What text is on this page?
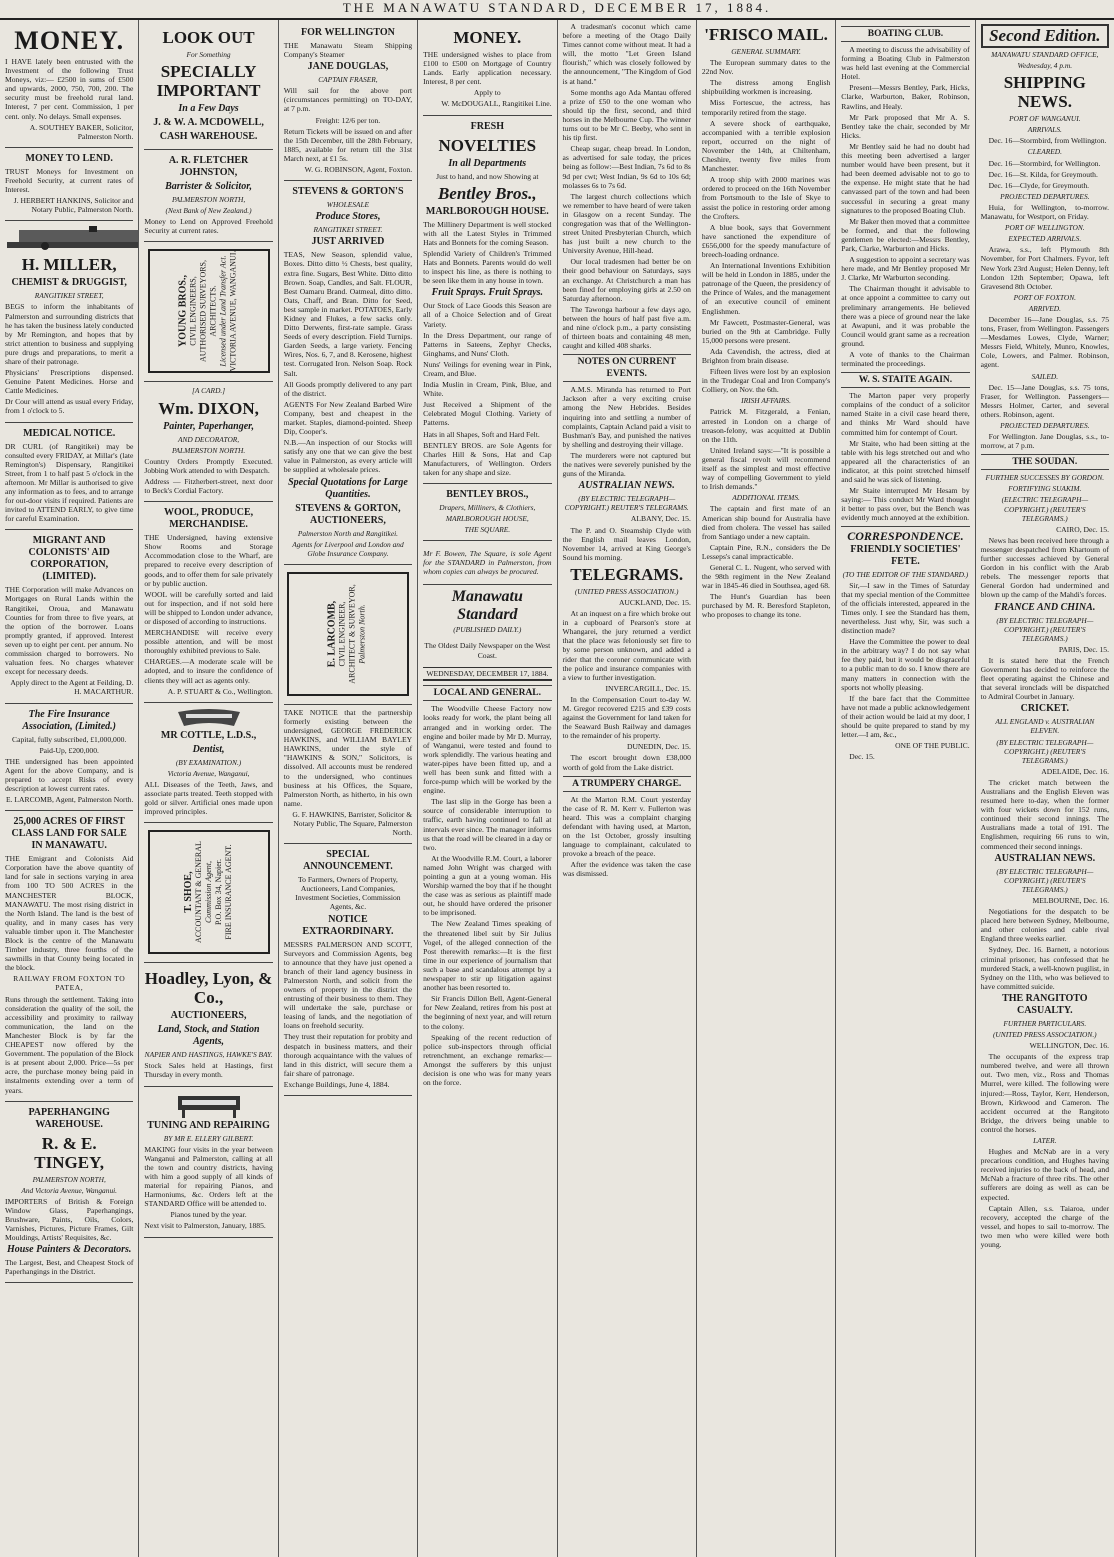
THE MANAWATU STANDARD, DECEMBER 17, 1884.
MONEY.

I HAVE lately been entrusted with the Investment of the following Trust Moneys, viz:— £2500 in sums of £500 and upwards, 2000, 750, 700, 200. The security must be freehold rural land. Interest, 7 per cent. Commission, 1 per cent. only. No delays. Small expenses.

A. SOUTHEY BAKER, Solicitor, Palmerston North.

MONEY TO LEND.

TRUST Moneys for Investment on Freehold Security, at current rates of Interest.

J. HERBERT HANKINS, Solicitor and Notary Public, Palmerston North.

H. MILLER,
CHEMIST & DRUGGIST,
RANGITIKEI STREET,

BEGS to inform the inhabitants of Palmerston and surrounding districts that he has taken the business lately conducted by Mr Remington, and hopes that by strict attention to business and supplying pure drugs and preparations, to merit a share of their patronage.

Physicians' Prescriptions dispensed. Genuine Patent Medicines. Horse and Cattle Medicines.

Dr Cour will attend as usual every Friday, from 1 o'clock to 5.

MEDICAL NOTICE.

DR CURL (of Rangitikei) may be consulted every FRIDAY, at Millar's (late Remington's) Dispensary, Rangitikei Street, from 1 to half past 5 o'clock in the afternoon. Mr Millar is authorised to give any information as to fees, and to arrange for out-door visits if required. Patients are invited to ATTEND EARLY, to give time for careful Examination.

MIGRANT AND COLONISTS' AID CORPORATION, (LIMITED).

THE Corporation will make Advances on Mortgages on Rural Lands within the Rangitikei, Oroua, and Manawatu Counties for from three to five years, at the option of the borrower. Loans promptly granted, if approved. Interest seven up to eight per cent. per annum. No commission charged to borrowers. No valuation fees. No charges whatever except for necessary deeds.

Apply direct to the Agent at Feilding, D. H. MACARTHUR.

The Fire Insurance Association, (Limited.)

Capital, fully subscribed, £1,000,000.

Paid-Up, £200,000.

THE undersigned has been appointed Agent for the above Company, and is prepared to accept Risks of every description at lowest current rates.

E. LARCOMB, Agent, Palmerston North.

25,000 ACRES OF FIRST CLASS LAND FOR SALE IN MANAWATU.

THE Emigrant and Colonists Aid Corporation have the above quantity of land for sale in sections varying in area from 100 TO 500 ACRES in the MANCHESTER BLOCK, MANAWATU. The most rising district in the North Island. The land is the best of quality, and in many cases has very valuable timber upon it. The Manchester Block is the centre of the Manawatu Timber industry, three fourths of the sawmills in that County being located in the block.

RAILWAY FROM FOXTON TO PATEA,

Runs through the settlement. Taking into consideration the quality of the soil, the accessibility and proximity to railway communication, the land on the Manchester Block is by far the CHEAPEST now offered by the Government. The population of the Block is at present about 2,000. Price—5s per acre, the purchase money being paid in instalments extending over a term of years.

PAPERHANGING WAREHOUSE.
R. & E. TINGEY,
PALMERSTON NORTH,
And Victoria Avenue, Wanganui.

IMPORTERS of British & Foreign Window Glass, Paperhangings, Brushware, Paints, Oils, Colors, Varnishes, Pictures, Picture Frames, Gilt Mouldings, Artists' Requisites, &c.

House Painters & Decorators.

The Largest, Best, and Cheapest Stock of Paperhangings in the District.

LOOK OUT
For Something
SPECIALLY IMPORTANT
In a Few Days
J. & W. A. MCDOWELL,
CASH WAREHOUSE.
A. R. FLETCHER JOHNSTON,
Barrister & Solicitor,
PALMERSTON NORTH,
(Next Bank of New Zealand.)

Money to Lend on Approved Freehold Security at current rates.

YOUNG BROS., CIVIL ENGINEERS,
AUTHORISED SURVEYORS,
ARCHITECTS.
Licensed under Land Transfer Act.
VICTORIA AVENUE, WANGANUI.
[A CARD.]
Wm. DIXON,
Painter, Paperhanger,
AND DECORATOR,
PALMERSTON NORTH.

Country Orders Promptly Executed. Jobbing Work attended to with Despatch.

Address — Fitzherbert-street, next door to Beck's Cordial Factory.

WOOL, PRODUCE, MERCHANDISE.

THE Undersigned, having extensive Show Rooms and Storage Accommodation close to the Wharf, are prepared to receive every description of goods, and to offer them for sale privately or by public auction.

WOOL will be carefully sorted and laid out for inspection, and if not sold here will be shipped to London under advance, or disposed of according to instructions.

MERCHANDISE will receive every possible attention, and will be most thoroughly exhibited previous to Sale.

CHARGES.—A moderate scale will be adopted, and to insure the confidence of clients they will act as agents only.

A. P. STUART & Co., Wellington.

MR COTTLE, L.D.S.,
Dentist,
(BY EXAMINATION.)
Victoria Avenue, Wanganui,

ALL Diseases of the Teeth, Jaws, and associate parts treated. Teeth stopped with gold or silver. Artificial ones made upon improved principles.

T. SHOE, ACCOUNTANT & GENERAL
Commission Agent,
P.O. Box 34, Napier.
FIRE INSURANCE AGENT.
Hoadley, Lyon, & Co.,
AUCTIONEERS,
Land, Stock, and Station Agents,
NAPIER AND HASTINGS, HAWKE'S BAY.

Stock Sales held at Hastings, first Thursday in every month.

TUNING AND REPAIRING
BY MR E. ELLERY GILBERT.

MAKING four visits in the year between Wanganui and Palmerston, calling at all the town and country districts, having with him a good supply of all kinds of material for repairing Pianos, and Harmoniums, &c. Orders left at the STANDARD Office will be attended to.

Pianos tuned by the year.

Next visit to Palmerston, January, 1885.

FOR WELLINGTON

THE Manawatu Steam Shipping Company's Steamer

JANE DOUGLAS,
CAPTAIN FRASER,

Will sail for the above port (circumstances permitting) on TO-DAY, at 7 p.m.

Freight: 12/6 per ton.

Return Tickets will be issued on and after the 15th December, till the 28th February, 1885, available for return till the 31st March next, at £1 5s.

W. G. ROBINSON, Agent, Foxton.

STEVENS & GORTON'S
WHOLESALE
Produce Stores,
RANGITIKEI STREET.
JUST ARRIVED

TEAS, New Season, splendid value, Boxes. Ditto ditto ½ Chests, best quality, extra fine. Sugars, Best White. Ditto ditto Brown. Soap, Candles, and Salt. FLOUR, Best Oamaru Brand. Oatmeal, ditto ditto. Oats, Chaff, and Bran. Ditto for Seed, best sample in market. POTATOES, Early Kidney and Flukes, a few sacks only. Ditto Derwents, first-rate sample. Grass Seeds of every description. Field Turnips. Garden Seeds, a large variety. Fencing Wires, Nos. 6, 7, and 8. Kerosene, highest test. Corrugated Iron. Nelson Soap. Rock Salt.

All Goods promptly delivered to any part of the district.

AGENTS For New Zealand Barbed Wire Company, best and cheapest in the market. Staples, diamond-pointed. Sheep Dip, Cooper's.

N.B.—An inspection of our Stocks will satisfy any one that we can give the best value in Palmerston, as every article will be supplied at wholesale prices.

Special Quotations for Large Quantities.
STEVENS & GORTON, AUCTIONEERS,
Palmerston North and Rangitikei.
Agents for Liverpool and London and Globe Insurance Company.
E. LARCOMB, CIVIL ENGINEER,
ARCHITECT & SURVEYOR,
Palmerston North.

TAKE NOTICE that the partnership formerly existing between the undersigned, GEORGE FREDERICK HAWKINS, and WILLIAM BAYLEY HAWKINS, under the style of "HAWKINS & SON," Solicitors, is dissolved. All accounts must be rendered to the undersigned, who continues business at his Offices, the Square, Palmerston North, as hitherto, in his own name.

G. F. HAWKINS, Barrister, Solicitor & Notary Public, The Square, Palmerston North.

SPECIAL ANNOUNCEMENT.

To Farmers, Owners of Property, Auctioneers, Land Companies, Investment Societies, Commission Agents, &c.

NOTICE EXTRAORDINARY.

MESSRS PALMERSON AND SCOTT, Surveyors and Commission Agents, beg to announce that they have just opened a branch of their land agency business in Palmerston North, and solicit from the owners of property in the district the entrusting of their business to them. They will undertake the sale, purchase or leasing of lands, and the negotiation of loans on freehold security.

They trust their reputation for probity and despatch in business matters, and their thorough acquaintance with the values of land in this district, will secure them a fair share of patronage.

Exchange Buildings, June 4, 1884.

MONEY.

THE undersigned wishes to place from £100 to £500 on Mortgage of Country Lands. Early application necessary. Interest, 8 per cent.

Apply to

W. McDOUGALL, Rangitikei Line.

FRESH
NOVELTIES
In all Departments

Just to hand, and now Showing at

Bentley Bros.,
MARLBOROUGH HOUSE.

The Millinery Department is well stocked with all the Latest Styles in Trimmed Hats and Bonnets for the coming Season.

Splendid Variety of Children's Trimmed Hats and Bonnets. Parents would do well to inspect his line, as there is nothing to be seen like them in any house in town.

Fruit Sprays. Fruit Sprays.

Our Stock of Lace Goods this Season are all of a Choice Selection and of Great Variety.

In the Dress Department, our range of Patterns in Sateens, Zephyr Checks, Ginghams, and Nuns' Cloth.

Nuns' Veilings for evening wear in Pink, Cream, and Blue.

India Muslin in Cream, Pink, Blue, and White.

Just Received a Shipment of the Celebrated Mogul Clothing. Variety of Patterns.

Hats in all Shapes, Soft and Hard Felt.

BENTLEY BROS. are Sole Agents for Charles Hill & Sons, Hat and Cap Manufacturers, of Wellington. Orders taken for any shape and size.

BENTLEY BROS.,
Drapers, Milliners, & Clothiers,
MARLBOROUGH HOUSE,
THE SQUARE.

Mr F. Bowen, The Square, is sole Agent for the STANDARD in Palmerston, from whom copies can always be procured.

Manawatu Standard
(PUBLISHED DAILY.)

The Oldest Daily Newspaper on the West Coast.

WEDNESDAY, DECEMBER 17, 1884.
LOCAL AND GENERAL.

The Woodville Cheese Factory now looks ready for work, the plant being all arranged and in working order. The engine and boiler made by Mr D. Murray, of Wanganui, were tested and found to work splendidly. The various heating and water-pipes have been fitted up, and a well has been sunk and fitted with a force-pump which will be worked by the engine.

The last slip in the Gorge has been a source of considerable interruption to traffic, earth having continued to fall at intervals ever since. The manager informs us that the road will be cleared in a day or two.

At the Woodville R.M. Court, a laborer named John Wright was charged with pointing a gun at a young woman. His Worship warned the boy that if he thought the case was as serious as plaintiff made out, he should have ordered the prisoner to be imprisoned.

The New Zealand Times speaking of the threatened libel suit by Sir Julius Vogel, of the alleged connection of the Post therewith remarks:—It is the first time in our experience of journalism that such a base and scandalous attempt by a newspaper to stir up litigation against another has been resorted to.

Sir Francis Dillon Bell, Agent-General for New Zealand, retires from his post at the beginning of next year, and will return to the colony.

Speaking of the recent reduction of police sub-inspectors through official retrenchment, an exchange remarks:—Amongst the sufferers by this unjust decision is one who was for many years on the force.

A tradesman's coconut which came before a meeting of the Otago Daily Times cannot come without meat. It had a will, the motto "Let Green Island flourish," which was closely followed by the announcement, "The Kingdom of God is at hand."

Some months ago Ada Mantau offered a prize of £50 to the one woman who should tip the first, second, and third horses in the Melbourne Cup. The winner turns out to be Mr C. Beeby, who sent in his tip first.

Cheap sugar, cheap bread. In London, as advertised for sale today, the prices being as follow:—Best Indian, 7s 6d to 8s 9d per cwt; West Indian, 9s 6d to 10s 6d; molasses 6s to 7s 6d.

The largest church collections which we remember to have heard of were taken in Glasgow on a recent Sunday. The congregation was that of the Wellington-street United Presbyterian Church, which has just built a new church to the University Avenue, Hill-head.

Our local tradesmen had better be on their good behaviour on Saturdays, says an exchange. At Christchurch a man has been fined for employing girls at 2.50 on Saturday afternoon.

The Tawonga harbour a few days ago, between the hours of half past five a.m. and nine o'clock p.m., a party consisting of thirteen boats and containing 48 men, caught and killed 408 sharks.

NOTES ON CURRENT EVENTS.

A.M.S. Miranda has returned to Port Jackson after a very exciting cruise among the New Hebrides. Besides inquiring into and settling a number of complaints, Captain Acland paid a visit to Bushman's Bay, and punished the natives by shelling and destroying their village.

The murderers were not captured but the natives were severely punished by the guns of the Miranda.

AUSTRALIAN NEWS.
(BY ELECTRIC TELEGRAPH—COPYRIGHT.) REUTER'S TELEGRAMS.

ALBANY, Dec. 15.

The P. and O. Steamship Clyde with the English mail leaves London, November 14, arrived at King George's Sound his morning.

TELEGRAMS.
(UNITED PRESS ASSOCIATION.)

AUCKLAND, Dec. 15.

At an inquest on a fire which broke out in a cupboard of Pearson's store at Whangarei, the jury returned a verdict that the place was feloniously set fire to by some person unknown, and added a rider that the coroner communicate with the police and insurance companies with a view to further investigation.

INVERCARGILL, Dec. 15.

In the Compensation Court to-day W. M. Gregor recovered £215 and £39 costs against the Government for land taken for the Seaward Bush Railway and damages to the remainder of his property.

DUNEDIN, Dec. 15.

The escort brought down £38,000 worth of gold from the Lake district.

A TRUMPERY CHARGE.

At the Marton R.M. Court yesterday the case of R. M. Kerr v. Fullerton was heard. This was a complaint charging defendant with having used, at Marton, on the 1st October, grossly insulting language to complainant, calculated to provoke a breach of the peace.

After the evidence was taken the case was dismissed.

'FRISCO MAIL.
GENERAL SUMMARY.

The European summary dates to the 22nd Nov.

The distress among English shipbuilding workmen is increasing.

Miss Fortescue, the actress, has temporarily retired from the stage.

A severe shock of earthquake, accompanied with a terrible explosion report, occurred on the night of November the 14th, at Chiltenham, Cheshire, twenty five miles from Manchester.

A troop ship with 2000 marines was ordered to proceed on the 16th November from Portsmouth to the Isle of Skye to assist the police in restoring order among the Crofters.

A blue book, says that Government have sanctioned the expenditure of £656,000 for the speedy manufacture of breech-loading ordnance.

An International Inventions Exhibition will be held in London in 1885, under the patronage of the Queen, the presidency of the Prince of Wales, and the management of an executive council of eminent Englishmen.

Mr Fawcett, Postmaster-General, was buried on the 9th at Cambridge. Fully 15,000 persons were present.

Ada Cavendish, the actress, died at Brighton from brain disease.

Fifteen lives were lost by an explosion in the Trudegar Coal and Iron Company's Colliery, on Nov. the 6th.

IRISH AFFAIRS.

Patrick M. Fitzgerald, a Fenian, arrested in London on a charge of treason-felony, was acquitted at Dublin on the 11th.

United Ireland says:—"It is possible a general fiscal revolt will recommend itself as the simplest and most effective way of compelling Government to yield to Irish demands."

ADDITIONAL ITEMS.

The captain and first mate of an American ship bound for Australia have died from cholera. The vessel has sailed from Santiago under a new captain.

Captain Pine, R.N., considers the De Lesseps's canal impracticable.

General C. L. Nugent, who served with the 98th regiment in the New Zealand war in 1845-46 died in Southsea, aged 68.

The Hunt's Guardian has been purchased by M. R. Beresford Stapleton, who proposes to change its tone.

BOATING CLUB.

A meeting to discuss the advisability of forming a Boating Club in Palmerston was held last evening at the Commercial Hotel.

Present—Messrs Bentley, Park, Hicks, Clarke, Warburton, Baker, Robinson, Rawlins, and Healy.

Mr Park proposed that Mr A. S. Bentley take the chair, seconded by Mr Hicks.

Mr Bentley said he had no doubt had this meeting been advertised a larger number would have been present, but it had been deemed advisable not to go to the expense. He might state that he had canvassed part of the town and had been successful in securing a great many signatures to the proposed Boating Club.

Mr Baker then moved that a committee be formed, and that the following gentlemen be elected:—Messrs Bentley, Park, Clarke, Warburton and Hicks.

A suggestion to appoint a secretary was here made, and Mr Bentley proposed Mr J. Clarke, Mr Warburton seconding.

The Chairman thought it advisable to at once appoint a committee to carry out preliminary arrangements. He believed there was a piece of ground near the lake at Awapuni, and it was probable the Council would grant same as a recreation ground.

A vote of thanks to the Chairman terminated the proceedings.

W. S. STAITE AGAIN.

The Marton paper very properly complains of the conduct of a solicitor named Staite in a civil case heard there, and thinks Mr Ward should have committed him for contempt of Court.

Mr Staite, who had been sitting at the table with his legs stretched out and who appeared all the characteristics of an indicator, at this point stretched himself and said he was sick of listening.

Mr Staite interrupted Mr Hesam by saying:— This conduct Mr Ward thought it better to pass over, but the Bench was evidently much annoyed at the exhibition.

CORRESPONDENCE.
FRIENDLY SOCIETIES' FETE.
(TO THE EDITOR OF THE STANDARD.)

Sir,—I saw in the Times of Saturday that my special mention of the Committee of the officials interested, appeared in the Times only. I see the Standard has them, nevertheless. Just why, Sir, was such a distinction made?

Have the Committee the power to deal in the arbitrary way? I do not say what fee they paid, but it would be disgraceful to a public man to do so. I know there are many matters in connection with the sports not wholly pleasing.

If the bare fact that the Committee have not made a public acknowledgement of their action would be laid at my door, I should be quite prepared to stand by my letter.—I am, &c.,

ONE OF THE PUBLIC.

Dec. 15.

Second Edition.
MANAWATU STANDARD OFFICE,
Wednesday, 4 p.m.
SHIPPING NEWS.
PORT OF WANGANUI.
ARRIVALS.

Dec. 16—Stormbird, from Wellington.

CLEARED.

Dec. 16—Stormbird, for Wellington.

Dec. 16—St. Kilda, for Greymouth.

Dec. 16—Clyde, for Greymouth.

PROJECTED DEPARTURES.

Huia, for Wellington, to-morrow. Manawatu, for Westport, on Friday.

PORT OF WELLINGTON.
EXPECTED ARRIVALS.

Arawa, s.s., left Plymouth 8th November, for Port Chalmers. Fyvor, left New York 23rd August; Helen Denny, left London 12th September; Opawa, left Gravesend 8th October.

PORT OF FOXTON.
ARRIVED.

December 16—Jane Douglas, s.s. 75 tons, Fraser, from Wellington. Passengers—Mesdames Lowes, Clyde, Warner; Messrs Field, Whitely, Munro, Knowles, Cole, Lowers, and Palmer. Robinson, agent.

SAILED.

Dec. 15—Jane Douglas, s.s. 75 tons, Fraser, for Wellington. Passengers—Messrs Holmer, Carter, and several others. Robinson, agent.

PROJECTED DEPARTURES.

For Wellington. Jane Douglas, s.s., to-morrow, at 7 p.m.

THE SOUDAN.
FURTHER SUCCESSES BY GORDON.
FORTIFYING SUAKIM.
(ELECTRIC TELEGRAPH—COPYRIGHT.) (REUTER'S TELEGRAMS.)

CAIRO, Dec. 15.

News has been received here through a messenger despatched from Khartoum of further successes achieved by General Gordon in his conflict with the Arab rebels. The messenger reports that General Gordon had undermined and blown up the camp of the Mahdi's forces.

FRANCE AND CHINA.
(BY ELECTRIC TELEGRAPH—COPYRIGHT.) (REUTER'S TELEGRAMS.)

PARIS, Dec. 15.

It is stated here that the French Government has decided to reinforce the fleet operating against the Chinese and that several ironclads will be dispatched to Admiral Courbet in January.

CRICKET.
ALL ENGLAND v. AUSTRALIAN ELEVEN.
(BY ELECTRIC TELEGRAPH—COPYRIGHT.) (REUTER'S TELEGRAMS.)

ADELAIDE, Dec. 16.

The cricket match between the Australians and the English Eleven was resumed here to-day, when the former with four wickets down for 152 runs, continued their second innings. The Australians made a total of 191. The Englishmen, requiring 66 runs to win, commenced their second innings.

AUSTRALIAN NEWS.
(BY ELECTRIC TELEGRAPH—COPYRIGHT.) (REUTER'S TELEGRAMS.)

MELBOURNE, Dec. 16.

Negotiations for the despatch to be placed here between Sydney, Melbourne, and other colonies and cable rival England three weeks earlier.

Sydney, Dec. 16. Barnett, a notorious criminal prisoner, has confessed that he murdered Stack, a well-known pugilist, in Sydney on the 11th, who was believed to have committed suicide.

THE RANGITOTO CASUALTY.
FURTHER PARTICULARS.
(UNITED PRESS ASSOCIATION.)

WELLINGTON, Dec. 16.

The occupants of the express trap numbered twelve, and were all thrown out. Two men, viz., Ross and Thomas Murrel, were killed. The following were injured:—Ross, Taylor, Kerr, Henderson, Brown, Kirkwood and Cameron. The accident occurred at the Rangitoto Bridge, the drivers being unable to control the horses.

LATER.

Hughes and McNab are in a very precarious condition, and Hughes having received injuries to the back of head, and McNab a fracture of three ribs. The other sufferers are doing as well as can be expected.

Captain Allen, s.s. Taiaroa, under recovery, accepted the charge of the vessel, and hopes to sail to-morrow. The two men who were killed were both young.
